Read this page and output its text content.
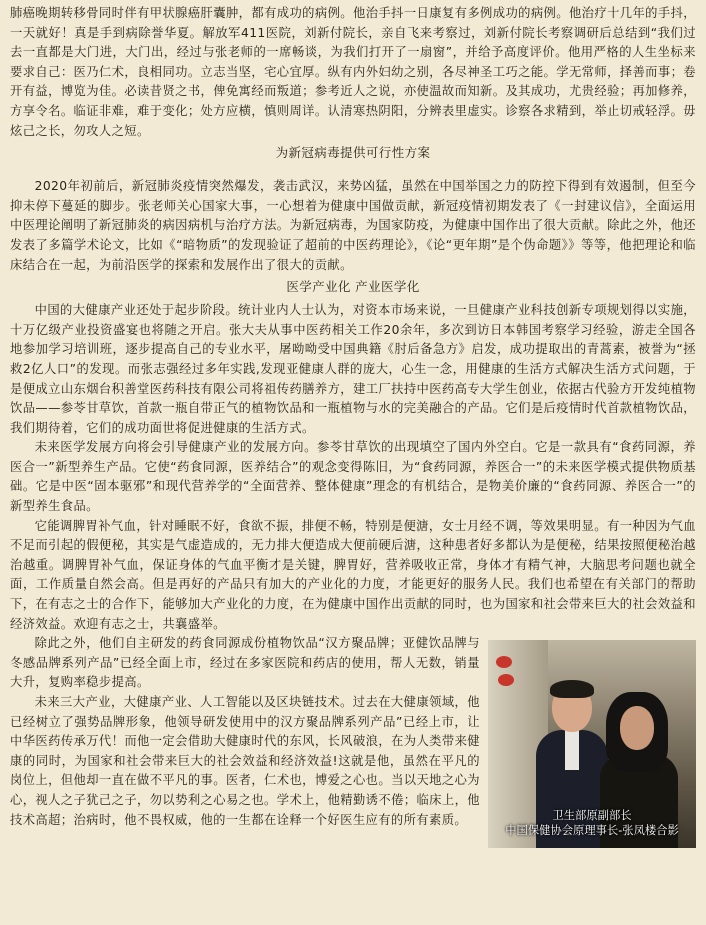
肺癌晚期转移骨同时伴有甲状腺癌肝囊肿，都有成功的病例。他治手抖一日康复有多例成功的病例。他治疗十几年的手抖，一天就好！真是手到病除誉华夏。解放军411医院，刘新付院长，亲自飞来考察过，刘新付院长考察调研后总结到“我们过去一直都是大门进，大门出，经过与张老师的一席畅谈，为我们打开了一扇窗”，并给予高度评价。他用严格的人生坐标来要求自己：医乃仁术，良相同功。立志当坚，宅心宜厚。纵有内外妇幼之别，各尽神圣工巧之能。学无常师，择善而事；卷开有益，博览为佳。必读昔贤之书，俾免寓经而叛道；参考近人之说，亦使温故而知新。及其成功，尤贵经验；再加修养，方享令名。临证非难，难于变化；处方应横，慎则周详。认清寒热阴阳，分辨表里虚实。诊察各求精到，举止切戒轻浮。毋炫己之长，勿攻人之短。

为新冠病毒提供可行性方案

2020年初前后，新冠肺炎疫情突然爆发，袭击武汉，来势凶猛，虽然在中国举国之力的防控下得到有效遏制，但至今抑未停下蔓延的脚步。张老师关心国家大事，一心想着为健康中国做贡献，新冠疫情初期发表了《一封建议信》，全面运用中医理论阐明了新冠肺炎的病因病机与治疗方法。为新冠病毒，为国家防疫，为健康中国作出了很大贡献。除此之外，他还发表了多篇学术论文，比如《“暗物质”的发现验证了超前的中医药理论》，《论“更年期”是个伪命题》》等等，他把理论和临床结合在一起，为前沿医学的探索和发展作出了很大的贡献。

医学产业化 产业医学化

中国的大健康产业还处于起步阶段。统计业内人士认为，对资本市场来说，一旦健康产业科技创新专项规划得以实施，十万亿级产业投资盛宴也将随之开启。张大夫从事中医药相关工作20余年，多次到访日本韩国考察学习经验，游走全国各地参加学习培训班，逐步提高自己的专业水平，屠呦呦受中国典籍《肘后备急方》启发，成功提取出的青蒿素，被誉为“拯救2亿人口”的发现。而张志强经过多年实践,发现亚健康人群的庞大，心生一念，用健康的生活方式解决生活方式问题，于是便成立山东烟台积善堂医药科技有限公司将祖传药膳养方，建工厂扶持中医药高专大学生创业，依据古代验方开发纯植物饮品——参苓甘草饮，首款一瓶自带正气的植物饮品和一瓶植物与水的完美融合的产品。它们是后疫情时代首款植物饮品，我们期待着，它们的成功面世将促进健康的生活方式。

未来医学发展方向将会引导健康产业的发展方向。参苓甘草饮的出现填空了国内外空白。它是一款具有“食药同源，养医合一”新型养生产品。它使“药食同源，医养结合”的观念变得陈旧，为“食药同源，养医合一”的未来医学模式提供物质基础。它是中医“固本驱邪”和现代营养学的“全面营养、整体健康”理念的有机结合，是物美价廉的“食药同源、养医合一”的新型养生食品。

它能调脾胃补气血，针对睡眠不好，食欲不振，排便不畅，特别是便溏，女士月经不调，等效果明显。有一种因为气血不足而引起的假便秘，其实是气虚造成的，无力排大便造成大便前硬后溏，这种患者好多都认为是便秘，结果按照便秘治越治越重。调脾胃补气血，保证身体的气血平衡才是关键，脾胃好，营养吸收正常，身体才有精气神，大脑思考问题也就全面，工作质量自然会高。但是再好的产品只有加大的产业化的力度，才能更好的服务人民。我们也希望在有关部门的帮助下，在有志之士的合作下，能够加大产业化的力度，在为健康中国作出贡献的同时，也为国家和社会带来巨大的社会效益和经济效益。欢迎有志之士，共襄盛举。

卫生部原副部长
中国保健协会原理事长-张凤楼合影

除此之外，他们自主研发的药食同源成份植物饮品“汉方聚品牌；亚健饮品牌与冬感品牌系列产品”已经全面上市，经过在多家医院和药店的使用，帮人无数，销量大升，复购率稳步提高。

未来三大产业，大健康产业、人工智能以及区块链技术。过去在大健康领域，他已经树立了强势品牌形象，他领导研发使用中的汉方聚品牌系列产品”已经上市，让中华医药传承万代！而他一定会借助大健康时代的东风，长风破浪，在为人类带来健康的同时，为国家和社会带来巨大的社会效益和经济效益!这就是他，虽然在平凡的岗位上，但他却一直在做不平凡的事。医者，仁术也，博爱之心也。当以天地之心为心，视人之子犹己之子，勿以势利之心易之也。学术上，他精勤诱不倦；临床上，他技术高超；治病时，他不畏权威，他的一生都在诠释一个好医生应有的所有素质。
